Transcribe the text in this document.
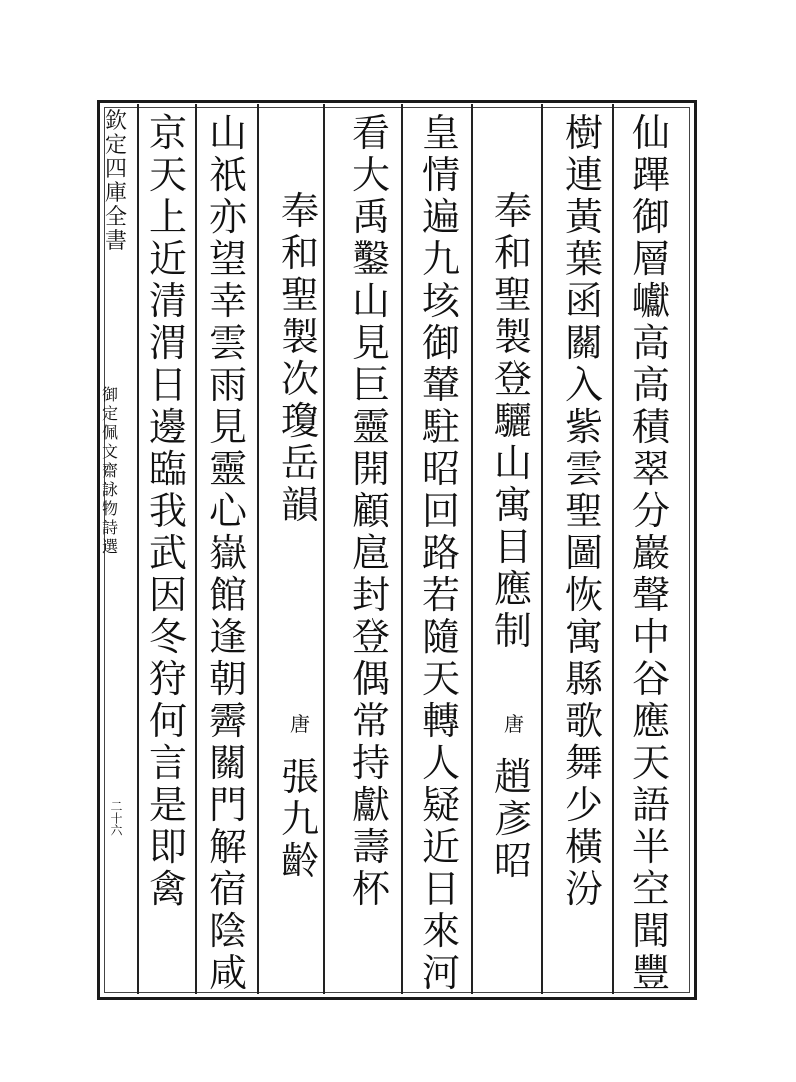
欽
定
四
庫
全
書
御
定
佩
文
齋
詠
物
詩
選
二十六
仙
蹕
御
層
巘
高
高
積
翠
分
巖
聲
中
谷
應
天
語
半
空
聞
豐
樹
連
黃
葉
函
關
入
紫
雲
聖
圖
恢
寓
縣
歌
舞
少
橫
汾
奉
和
聖
製
登
驪
山
寓
目
應
制
唐
趙
彥
昭
皇
情
遍
九
垓
御
輦
駐
昭
回
路
若
隨
天
轉
人
疑
近
日
來
河
看
大
禹
鑿
山
見
巨
靈
開
顧
扈
封
登
偶
常
持
獻
壽
杯
奉
和
聖
製
次
瓊
岳
韻
唐
張
九
齡
山
祇
亦
望
幸
雲
雨
見
靈
心
嶽
館
逢
朝
霽
關
門
解
宿
陰
咸
京
天
上
近
清
渭
日
邊
臨
我
武
因
冬
狩
何
言
是
即
禽
